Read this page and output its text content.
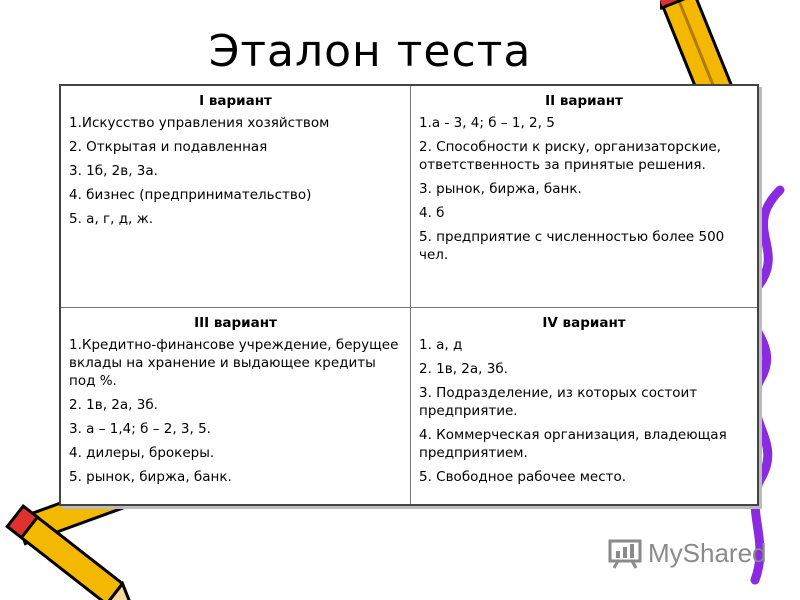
Эталон теста
I вариант
1.Искусство управления хозяйством
2. Открытая и подавленная
3. 1б, 2в, 3а.
4. бизнес (предпринимательство)
5. а, г, д, ж.
II вариант
1.а - 3, 4; б – 1, 2, 5
2. Способности к риску, организаторские, ответственность за принятые решения.
3. рынок, биржа, банк.
4. б
5. предприятие с численностью более 500 чел.
III вариант
1.Кредитно-финансове учреждение, берущее вклады на хранение и выдающее кредиты под %.
2. 1в, 2а, 3б.
3. а – 1,4; б – 2, 3, 5.
4. дилеры, брокеры.
5. рынок, биржа, банк.
IV вариант
1. а, д
2. 1в, 2а, 3б.
3. Подразделение, из которых состоит предприятие.
4. Коммерческая организация, владеющая предприятием.
5. Свободное рабочее место.
MyShared
